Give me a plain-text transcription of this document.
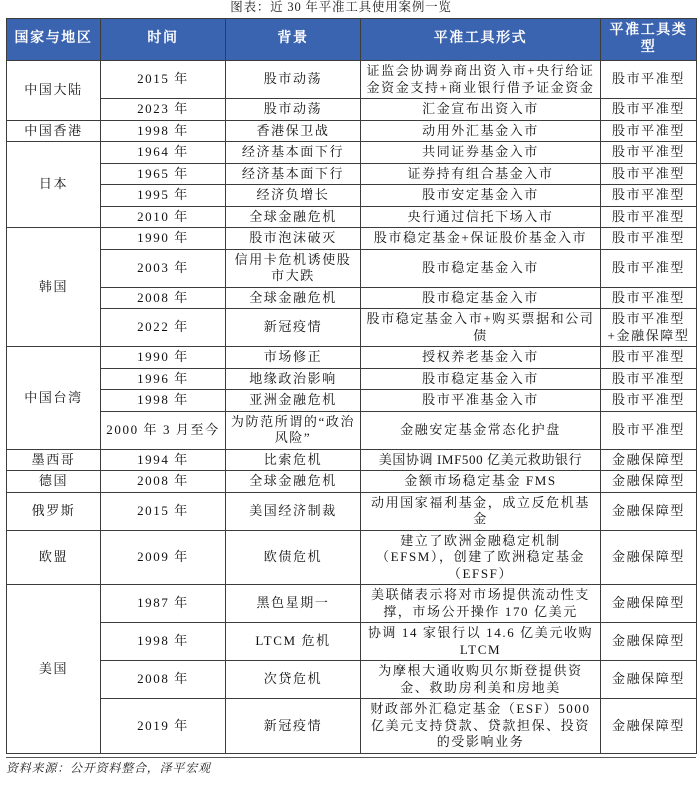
图表：近 30 年平准工具使用案例一览
国家与地区	时间	背景	平准工具形式	平准工具类型
中国大陆	2015 年	股市动荡	证监会协调券商出资入市+央行给证金资金支持+商业银行借予证金资金	股市平准型
	2023 年	股市动荡	汇金宣布出资入市	股市平准型
中国香港	1998 年	香港保卫战	动用外汇基金入市	股市平准型
日本	1964 年	经济基本面下行	共同证券基金入市	股市平准型
	1965 年	经济基本面下行	证券持有组合基金入市	股市平准型
	1995 年	经济负增长	股市安定基金入市	股市平准型
	2010 年	全球金融危机	央行通过信托下场入市	股市平准型
韩国	1990 年	股市泡沫破灭	股市稳定基金+保证股价基金入市	股市平准型
	2003 年	信用卡危机诱使股市大跌	股市稳定基金入市	股市平准型
	2008 年	全球金融危机	股市稳定基金入市	股市平准型
	2022 年	新冠疫情	股市稳定基金入市+购买票据和公司债	股市平准型+金融保障型
中国台湾	1990 年	市场修正	授权养老基金入市	股市平准型
	1996 年	地缘政治影响	股市稳定基金入市	股市平准型
	1998 年	亚洲金融危机	股市平准基金入市	股市平准型
	2000 年 3 月至今	为防范所谓的“政治风险”	金融安定基金常态化护盘	股市平准型
墨西哥	1994 年	比索危机	美国协调 IMF500 亿美元救助银行	金融保障型
德国	2008 年	全球金融危机	金额市场稳定基金 FMS	金融保障型
俄罗斯	2015 年	美国经济制裁	动用国家福利基金，成立反危机基金	金融保障型
欧盟	2009 年	欧债危机	建立了欧洲金融稳定机制（EFSM），创建了欧洲稳定基金（EFSF）	金融保障型
美国	1987 年	黑色星期一	美联储表示将对市场提供流动性支撑，市场公开操作 170 亿美元	金融保障型
	1998 年	LTCM 危机	协调 14 家银行以 14.6 亿美元收购 LTCM	金融保障型
	2008 年	次贷危机	为摩根大通收购贝尔斯登提供资金、救助房利美和房地美	金融保障型
	2019 年	新冠疫情	财政部外汇稳定基金（ESF）5000 亿美元支持贷款、贷款担保、投资的受影响业务	金融保障型
资料来源：公开资料整合，泽平宏观
